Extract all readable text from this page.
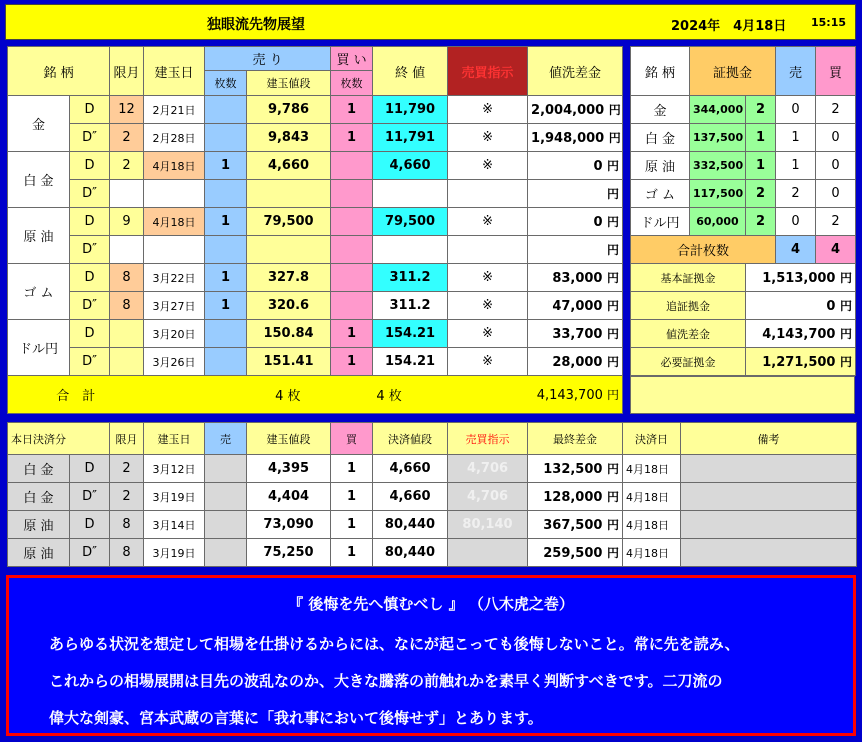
独眼流先物展望	2024年　4月18日 15:15
銘 柄		限月	建玉日	売 り		買 い	終 値	売買指示	値洗差金
				枚数	建玉値段	枚数			
金	D	12	2月21日		9,786	1	11,790	※	2,004,000 円
	D″	2	2月28日		9,843	1	11,791	※	1,948,000 円
白 金	D	2	4月18日	1	4,660		4,660	※	0 円
	D″								円
原 油	D	9	4月18日	1	79,500		79,500	※	0 円
	D″								円
ゴ ム	D	8	3月22日	1	327.8		311.2	※	83,000 円
	D″	8	3月27日	1	320.6		311.2	※	47,000 円
ドル円	D		3月20日		150.84	1	154.21	※	33,700 円
	D″		3月26日		151.41	1	154.21	※	28,000 円
合　計			4 枚			4 枚		4,143,700 円	
銘 柄	証拠金		売	買
金	344,000	2	0	2
白 金	137,500	1	1	0
原 油	332,500	1	1	0
ゴ ム	117,500	2	2	0
ドル円	60,000	2	0	2
合計枚数			4	4
基本証拠金		1,513,000 円		
追証拠金		0 円		
値洗差金		4,143,700 円		
必要証拠金		1,271,500 円		
本日決済分		限月	建玉日	売	建玉値段	買	決済値段	売買指示	最終差金	決済日	備考
白 金	D	2	3月12日		4,395	1	4,660	4,706	132,500 円	4月18日	
白 金	D″	2	3月19日		4,404	1	4,660	4,706	128,000 円	4月18日	
原 油	D	8	3月14日		73,090	1	80,440	80,140	367,500 円	4月18日	
原 油	D″	8	3月19日		75,250	1	80,440		259,500 円	4月18日	
『 後悔を先へ慎むべし 』 （八木虎之巻）
あらゆる状況を想定して相場を仕掛けるからには、なにが起こっても後悔しないこと。常に先を読み、
これからの相場展開は目先の波乱なのか、大きな騰落の前触れかを素早く判断すべきです。二刀流の
偉大な剣豪、宮本武蔵の言葉に「我れ事において後悔せず」とあります。
